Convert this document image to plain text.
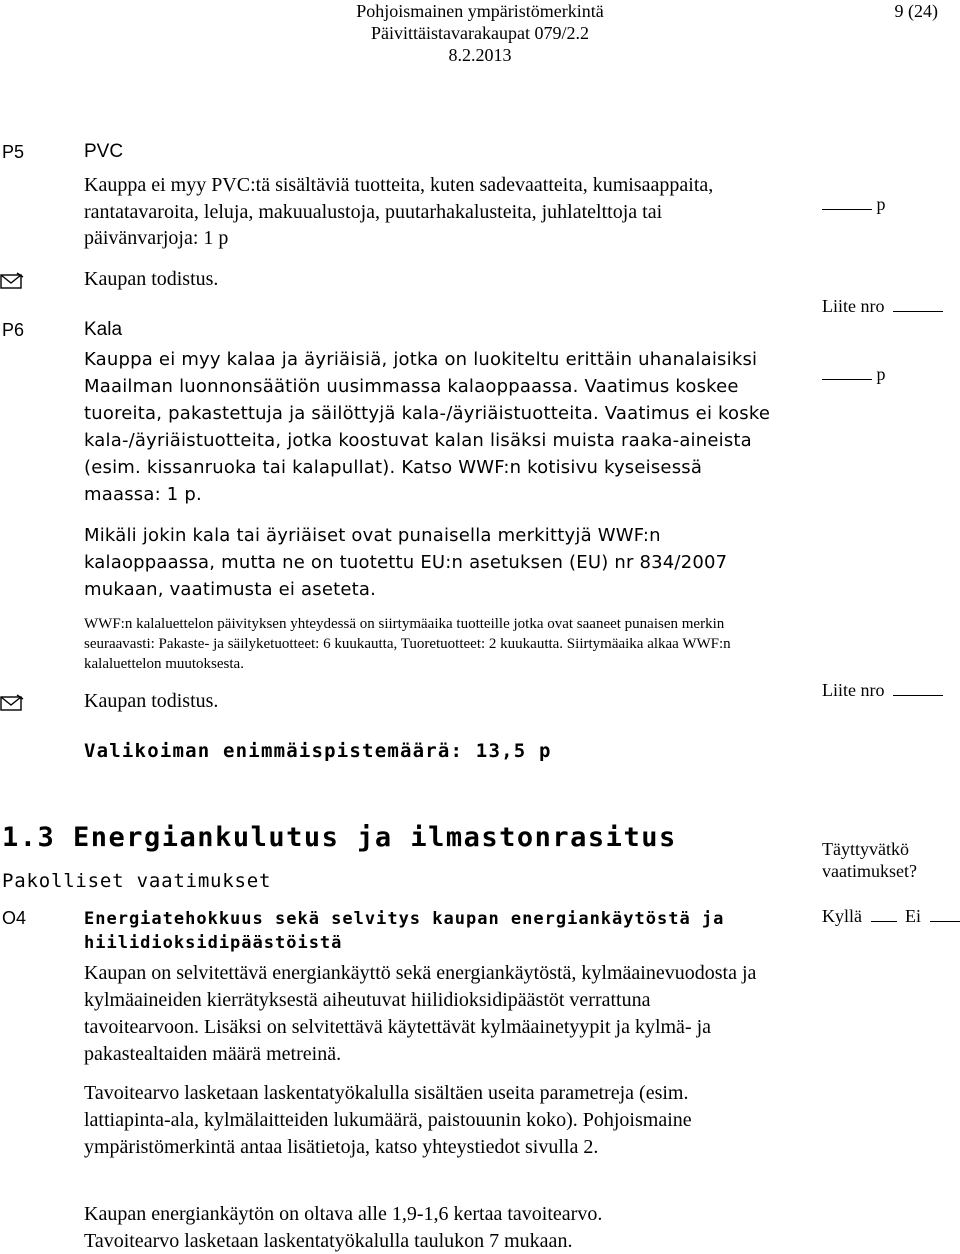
Pohjoismainen ympäristömerkintä
Päivittäistavarakaupat 079/2.2
8.2.2013
9 (24)
P5	PVC

Kauppa ei myy PVC:tä sisältäviä tuotteita, kuten sadevaatteita, kumisaappaita, rantatavaroita, leluja, makuualustoja, puutarhakalusteita, juhlatelttoja tai päivänvarjoja: 1 p

p
Kaupan todistus.
Liite nro
P6	Kala

Kauppa ei myy kalaa ja äyriäisiä, jotka on luokiteltu erittäin uhanalaisiksi Maailman luonnonsäätiön uusimmassa kalaoppaassa. Vaatimus koskee tuoreita, pakastettuja ja säilöttyjä kala-/äyriäistuotteita. Vaatimus ei koske kala-/äyriäistuotteita, jotka koostuvat kalan lisäksi muista raaka-aineista (esim. kissanruoka tai kalapullat). Katso WWF:n kotisivu kyseisessä maassa: 1 p.

p

Mikäli jokin kala tai äyriäiset ovat punaisella merkittyjä WWF:n kalaoppaassa, mutta ne on tuotettu EU:n asetuksen (EU) nr 834/2007 mukaan, vaatimusta ei aseteta.

WWF:n kalaluettelon päivityksen yhteydessä on siirtymäaika tuotteille jotka ovat saaneet punaisen merkin seuraavasti: Pakaste- ja säilyketuotteet: 6 kuukautta, Tuoretuotteet: 2 kuukautta. Siirtymäaika alkaa WWF:n kalaluettelon muutoksesta.

Kaupan todistus.	Liite nro
Valikoiman enimmäispistemäärä: 13,5 p
1.3 Energiankulutus ja ilmastonrasitus
Pakolliset vaatimukset
Täyttyvätkö
vaatimukset?
O4	Energiatehokkuus sekä selvitys kaupan energiankäytöstä ja hiilidioksidipäästöistä
Kyllä Ei

Kaupan on selvitettävä energiankäyttö sekä energiankäytöstä, kylmäainevuodosta ja kylmäaineiden kierrätyksestä aiheutuvat hiilidioksidipäästöt verrattuna tavoitearvoon. Lisäksi on selvitettävä käytettävät kylmäainetyypit ja kylmä- ja pakastealtaiden määrä metreinä.

Tavoitearvo lasketaan laskentatyökalulla sisältäen useita parametreja (esim. lattiapinta-ala, kylmälaitteiden lukumäärä, paistouunin koko). Pohjoismaine ympäristömerkintä antaa lisätietoja, katso yhteystiedot sivulla 2.

Kaupan energiankäytön on oltava alle 1,9-1,6 kertaa tavoitearvo.
Tavoitearvo lasketaan laskentatyökalulla taulukon 7 mukaan.
